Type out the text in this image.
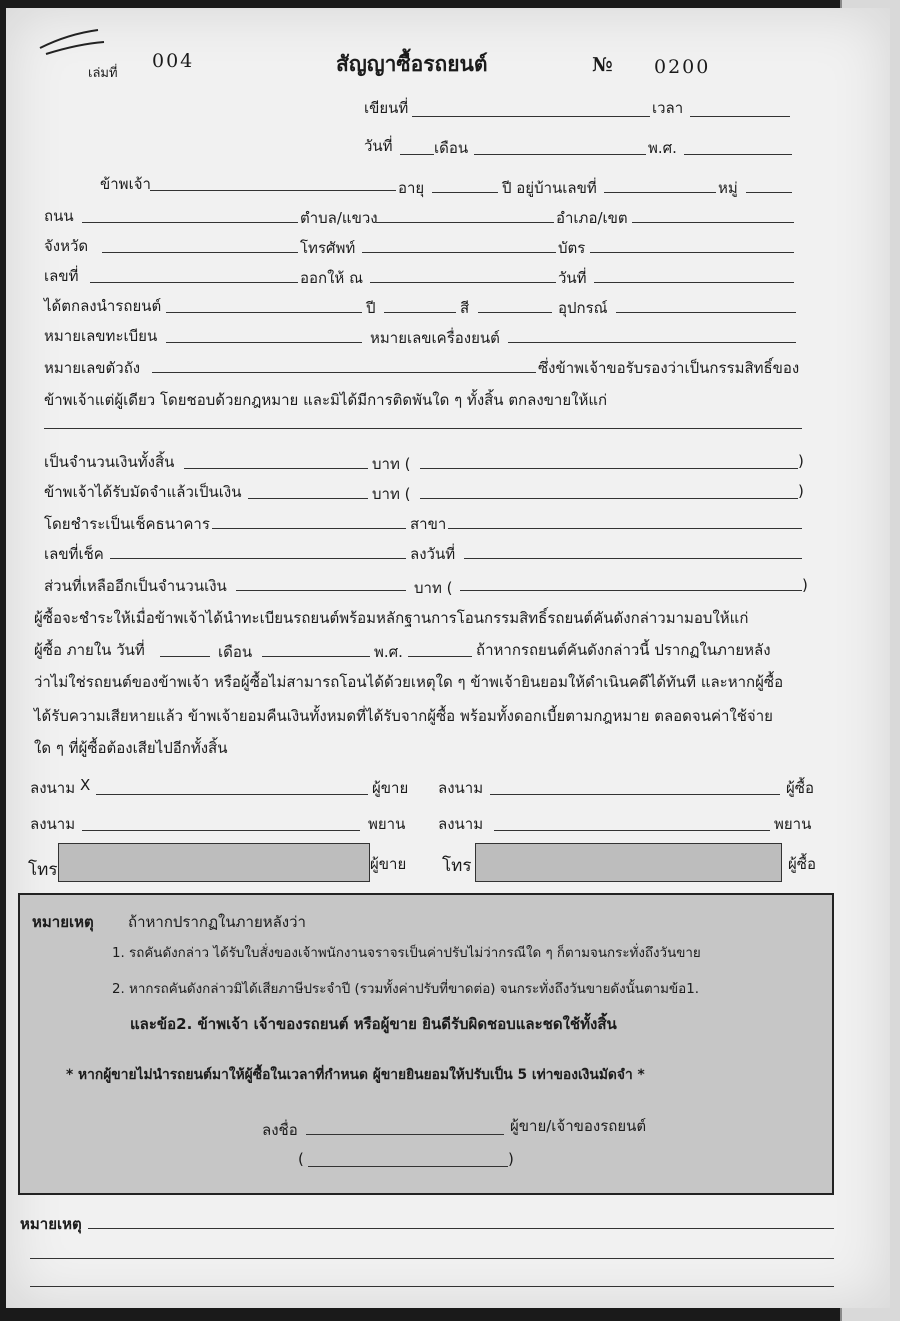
เล่มที่
004	สัญญาซื้อรถยนต์	№ 0200
เขียนที่	เวลา
วันที่	เดือน	พ.ศ.
ข้าพเจ้า	อายุ	ปี อยู่บ้านเลขที่	หมู่
ถนน	ตำบล/แขวง	อำเภอ/เขต
จังหวัด	โทรศัพท์	บัตร
เลขที่	ออกให้ ณ	วันที่
ได้ตกลงนำรถยนต์	ปี	สี	อุปกรณ์
หมายเลขทะเบียน	หมายเลขเครื่องยนต์
หมายเลขตัวถัง	ซึ่งข้าพเจ้าขอรับรองว่าเป็นกรรมสิทธิ์ของ
ข้าพเจ้าแต่ผู้เดียว โดยชอบด้วยกฎหมาย และมิได้มีการติดพันใด ๆ ทั้งสิ้น ตกลงขายให้แก่
เป็นจำนวนเงินทั้งสิ้น	บาท (	)
ข้าพเจ้าได้รับมัดจำแล้วเป็นเงิน	บาท (	)
โดยชำระเป็นเช็คธนาคาร	สาขา
เลขที่เช็ค	ลงวันที่
ส่วนที่เหลืออีกเป็นจำนวนเงิน	บาท (	)
ผู้ซื้อจะชำระให้เมื่อข้าพเจ้าได้นำทะเบียนรถยนต์พร้อมหลักฐานการโอนกรรมสิทธิ์รถยนต์คันดังกล่าวมามอบให้แก่
ผู้ซื้อ ภายใน วันที่	เดือน	พ.ศ.	ถ้าหากรถยนต์คันดังกล่าวนี้ ปรากฏในภายหลัง
ว่าไม่ใช่รถยนต์ของข้าพเจ้า หรือผู้ซื้อไม่สามารถโอนได้ด้วยเหตุใด ๆ ข้าพเจ้ายินยอมให้ดำเนินคดีได้ทันที และหากผู้ซื้อ
ได้รับความเสียหายแล้ว ข้าพเจ้ายอมคืนเงินทั้งหมดที่ได้รับจากผู้ซื้อ พร้อมทั้งดอกเบี้ยตามกฎหมาย ตลอดจนค่าใช้จ่าย
ใด ๆ ที่ผู้ซื้อต้องเสียไปอีกทั้งสิ้น
ลงนาม X	ผู้ขาย ลงนาม	ผู้ซื้อ
ลงนาม	พยาน ลงนาม	พยาน
โทร	ผู้ขาย โทร	ผู้ซื้อ
หมายเหตุ ถ้าหากปรากฏในภายหลังว่า
1. รถคันดังกล่าว ได้รับใบสั่งของเจ้าพนักงานจราจรเป็นค่าปรับไม่ว่ากรณีใด ๆ ก็ตามจนกระทั่งถึงวันขาย
2. หากรถคันดังกล่าวมิได้เสียภาษีประจำปี (รวมทั้งค่าปรับที่ขาดต่อ) จนกระทั่งถึงวันขายดังนั้นตามข้อ1.
และข้อ2. ข้าพเจ้า เจ้าของรถยนต์ หรือผู้ขาย ยินดีรับผิดชอบและชดใช้ทั้งสิ้น
* หากผู้ขายไม่นำรถยนต์มาให้ผู้ซื้อในเวลาที่กำหนด ผู้ขายยินยอมให้ปรับเป็น 5 เท่าของเงินมัดจำ *
ลงชื่อ	ผู้ขาย/เจ้าของรถยนต์
(	)
หมายเหตุ
